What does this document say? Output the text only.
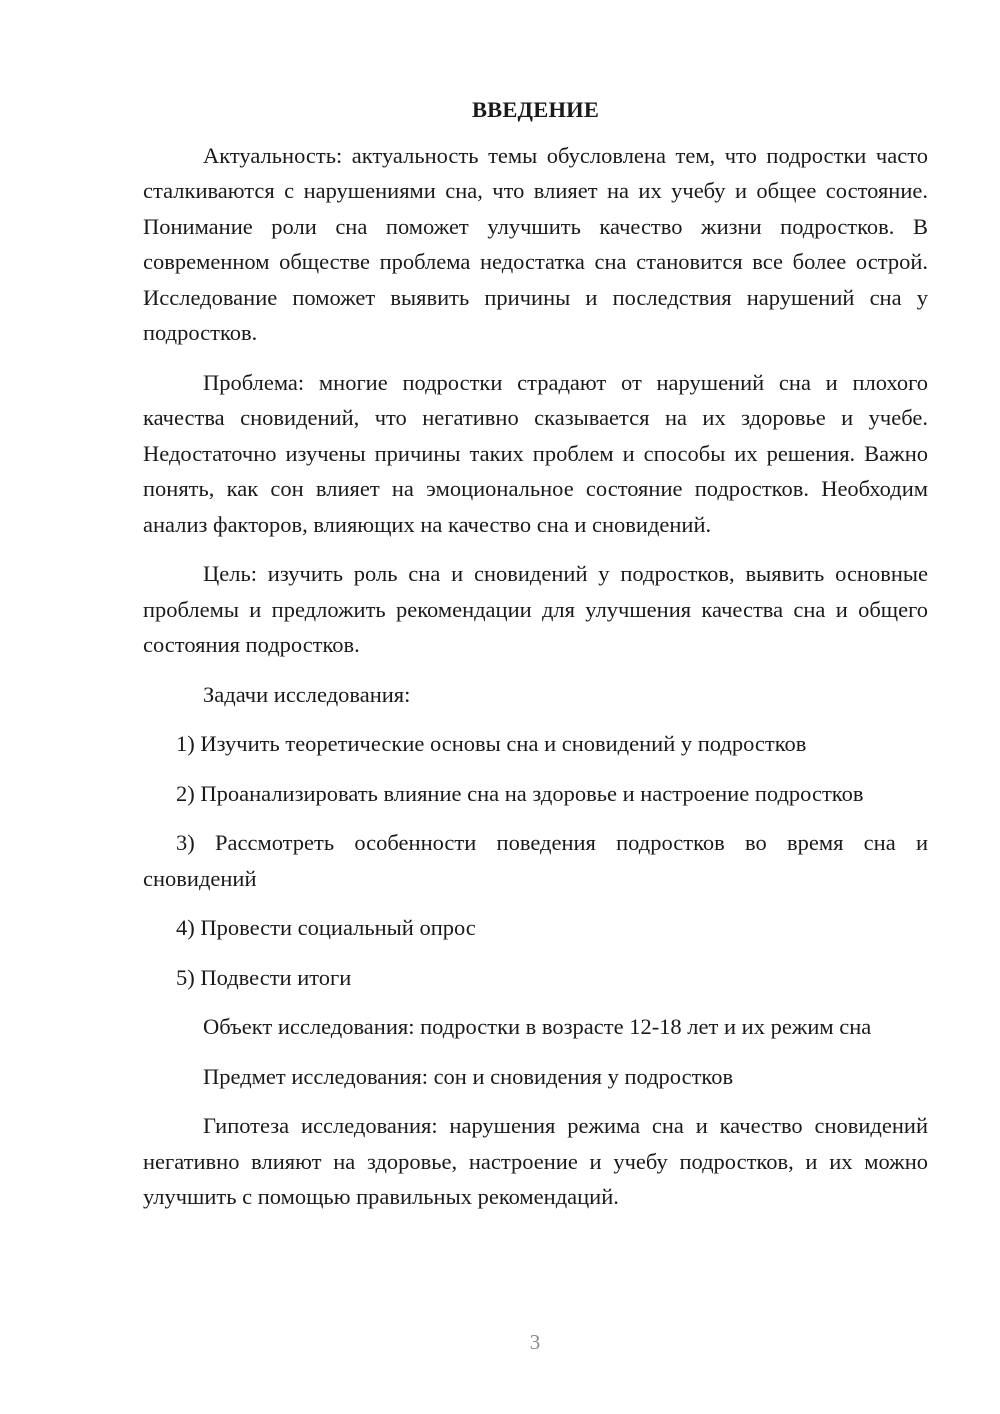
ВВЕДЕНИЕ

Актуальность: актуальность темы обусловлена тем, что подростки часто сталкиваются с нарушениями сна, что влияет на их учебу и общее состояние. Понимание роли сна поможет улучшить качество жизни подростков. В современном обществе проблема недостатка сна становится все более острой. Исследование поможет выявить причины и последствия нарушений сна у подростков.

Проблема: многие подростки страдают от нарушений сна и плохого качества сновидений, что негативно сказывается на их здоровье и учебе. Недостаточно изучены причины таких проблем и способы их решения. Важно понять, как сон влияет на эмоциональное состояние подростков. Необходим анализ факторов, влияющих на качество сна и сновидений.

Цель: изучить роль сна и сновидений у подростков, выявить основные проблемы и предложить рекомендации для улучшения качества сна и общего состояния подростков.

Задачи исследования:

1) Изучить теоретические основы сна и сновидений у подростков

2) Проанализировать влияние сна на здоровье и настроение подростков

3) Рассмотреть особенности поведения подростков во время сна и сновидений

4) Провести социальный опрос

5) Подвести итоги

Объект исследования: подростки в возрасте 12-18 лет и их режим сна

Предмет исследования: сон и сновидения у подростков

Гипотеза исследования: нарушения режима сна и качество сновидений негативно влияют на здоровье, настроение и учебу подростков, и их можно улучшить с помощью правильных рекомендаций.

3
